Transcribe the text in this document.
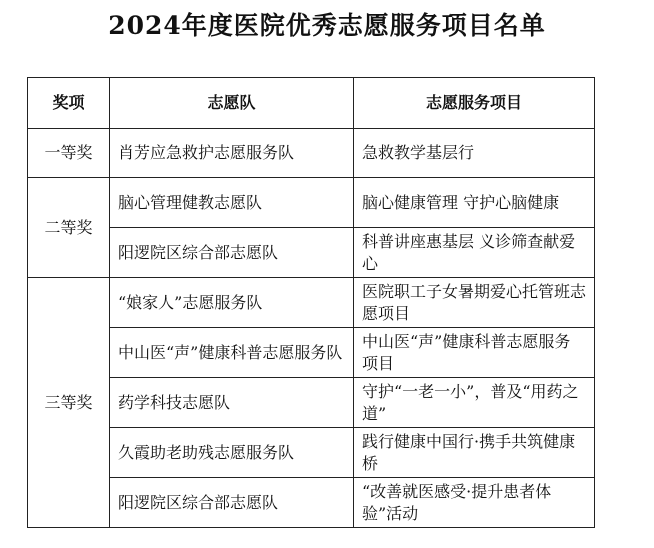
2024年度医院优秀志愿服务项目名单
奖项	志愿队	志愿服务项目
一等奖	肖芳应急救护志愿服务队	急救教学基层行
二等奖	脑心管理健教志愿队	脑心健康管理 守护心脑健康
	阳逻院区综合部志愿队	科普讲座惠基层 义诊筛查献爱心
三等奖	“娘家人”志愿服务队	医院职工子女暑期爱心托管班志愿项目
	中山医“声”健康科普志愿服务队	中山医“声”健康科普志愿服务项目
	药学科技志愿队	守护“一老一小”，普及“用药之道”
	久霞助老助残志愿服务队	践行健康中国行·携手共筑健康桥
	阳逻院区综合部志愿队	“改善就医感受·提升患者体验”活动
